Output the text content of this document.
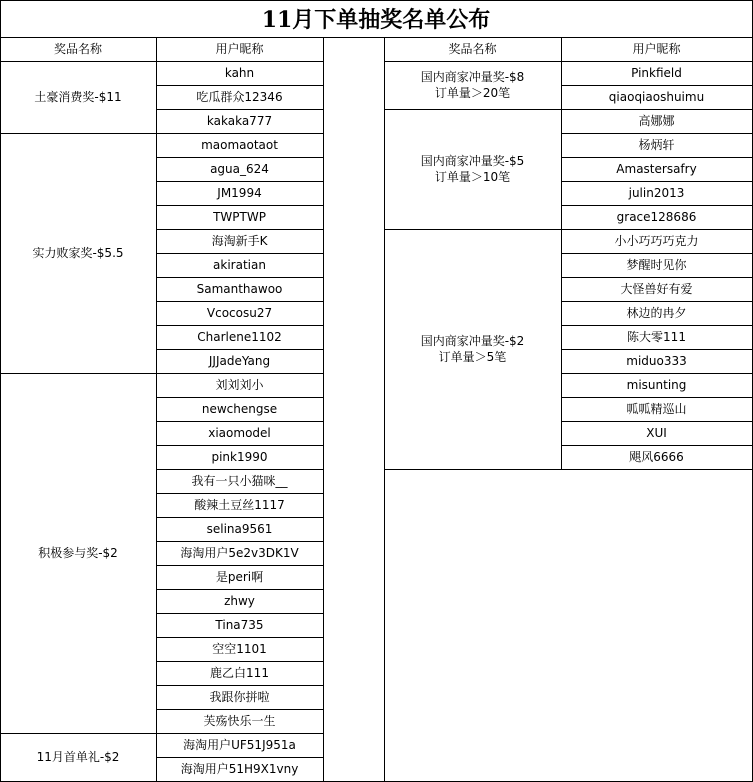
11月下单抽奖名单公布
奖品名称	用户昵称
土豪消费奖-$11
kahn
吃瓜群众12346
kakaka777
实力败家奖-$5.5
maomaotaot
agua_624
JM1994
TWPTWP
海淘新手K
akiratian
Samanthawoo
Vcocosu27
Charlene1102
JJJadeYang
积极参与奖-$2
刘刘刘小
newchengse
xiaomodel
pink1990
我有一只小猫咪__
酸辣土豆丝1117
selina9561
海淘用户5e2v3DK1V
是peri啊
zhwy
Tina735
空空1101
鹿乙白111
我跟你拼啦
芙殇快乐一生
11月首单礼-$2
海淘用户UF51J951a
海淘用户51H9X1vny
奖品名称	用户昵称
国内商家冲量奖-$8
订单量＞20笔
Pinkfield
qiaoqiaoshuimu
国内商家冲量奖-$5
订单量＞10笔
高娜娜
杨炳轩
Amastersafry
julin2013
grace128686
国内商家冲量奖-$2
订单量＞5笔
小小巧巧巧克力
梦醒时见你
大怪兽好有爱
林边的冉夕
陈大零111
miduo333
misunting
呱呱精巡山
XUI
飓风6666
